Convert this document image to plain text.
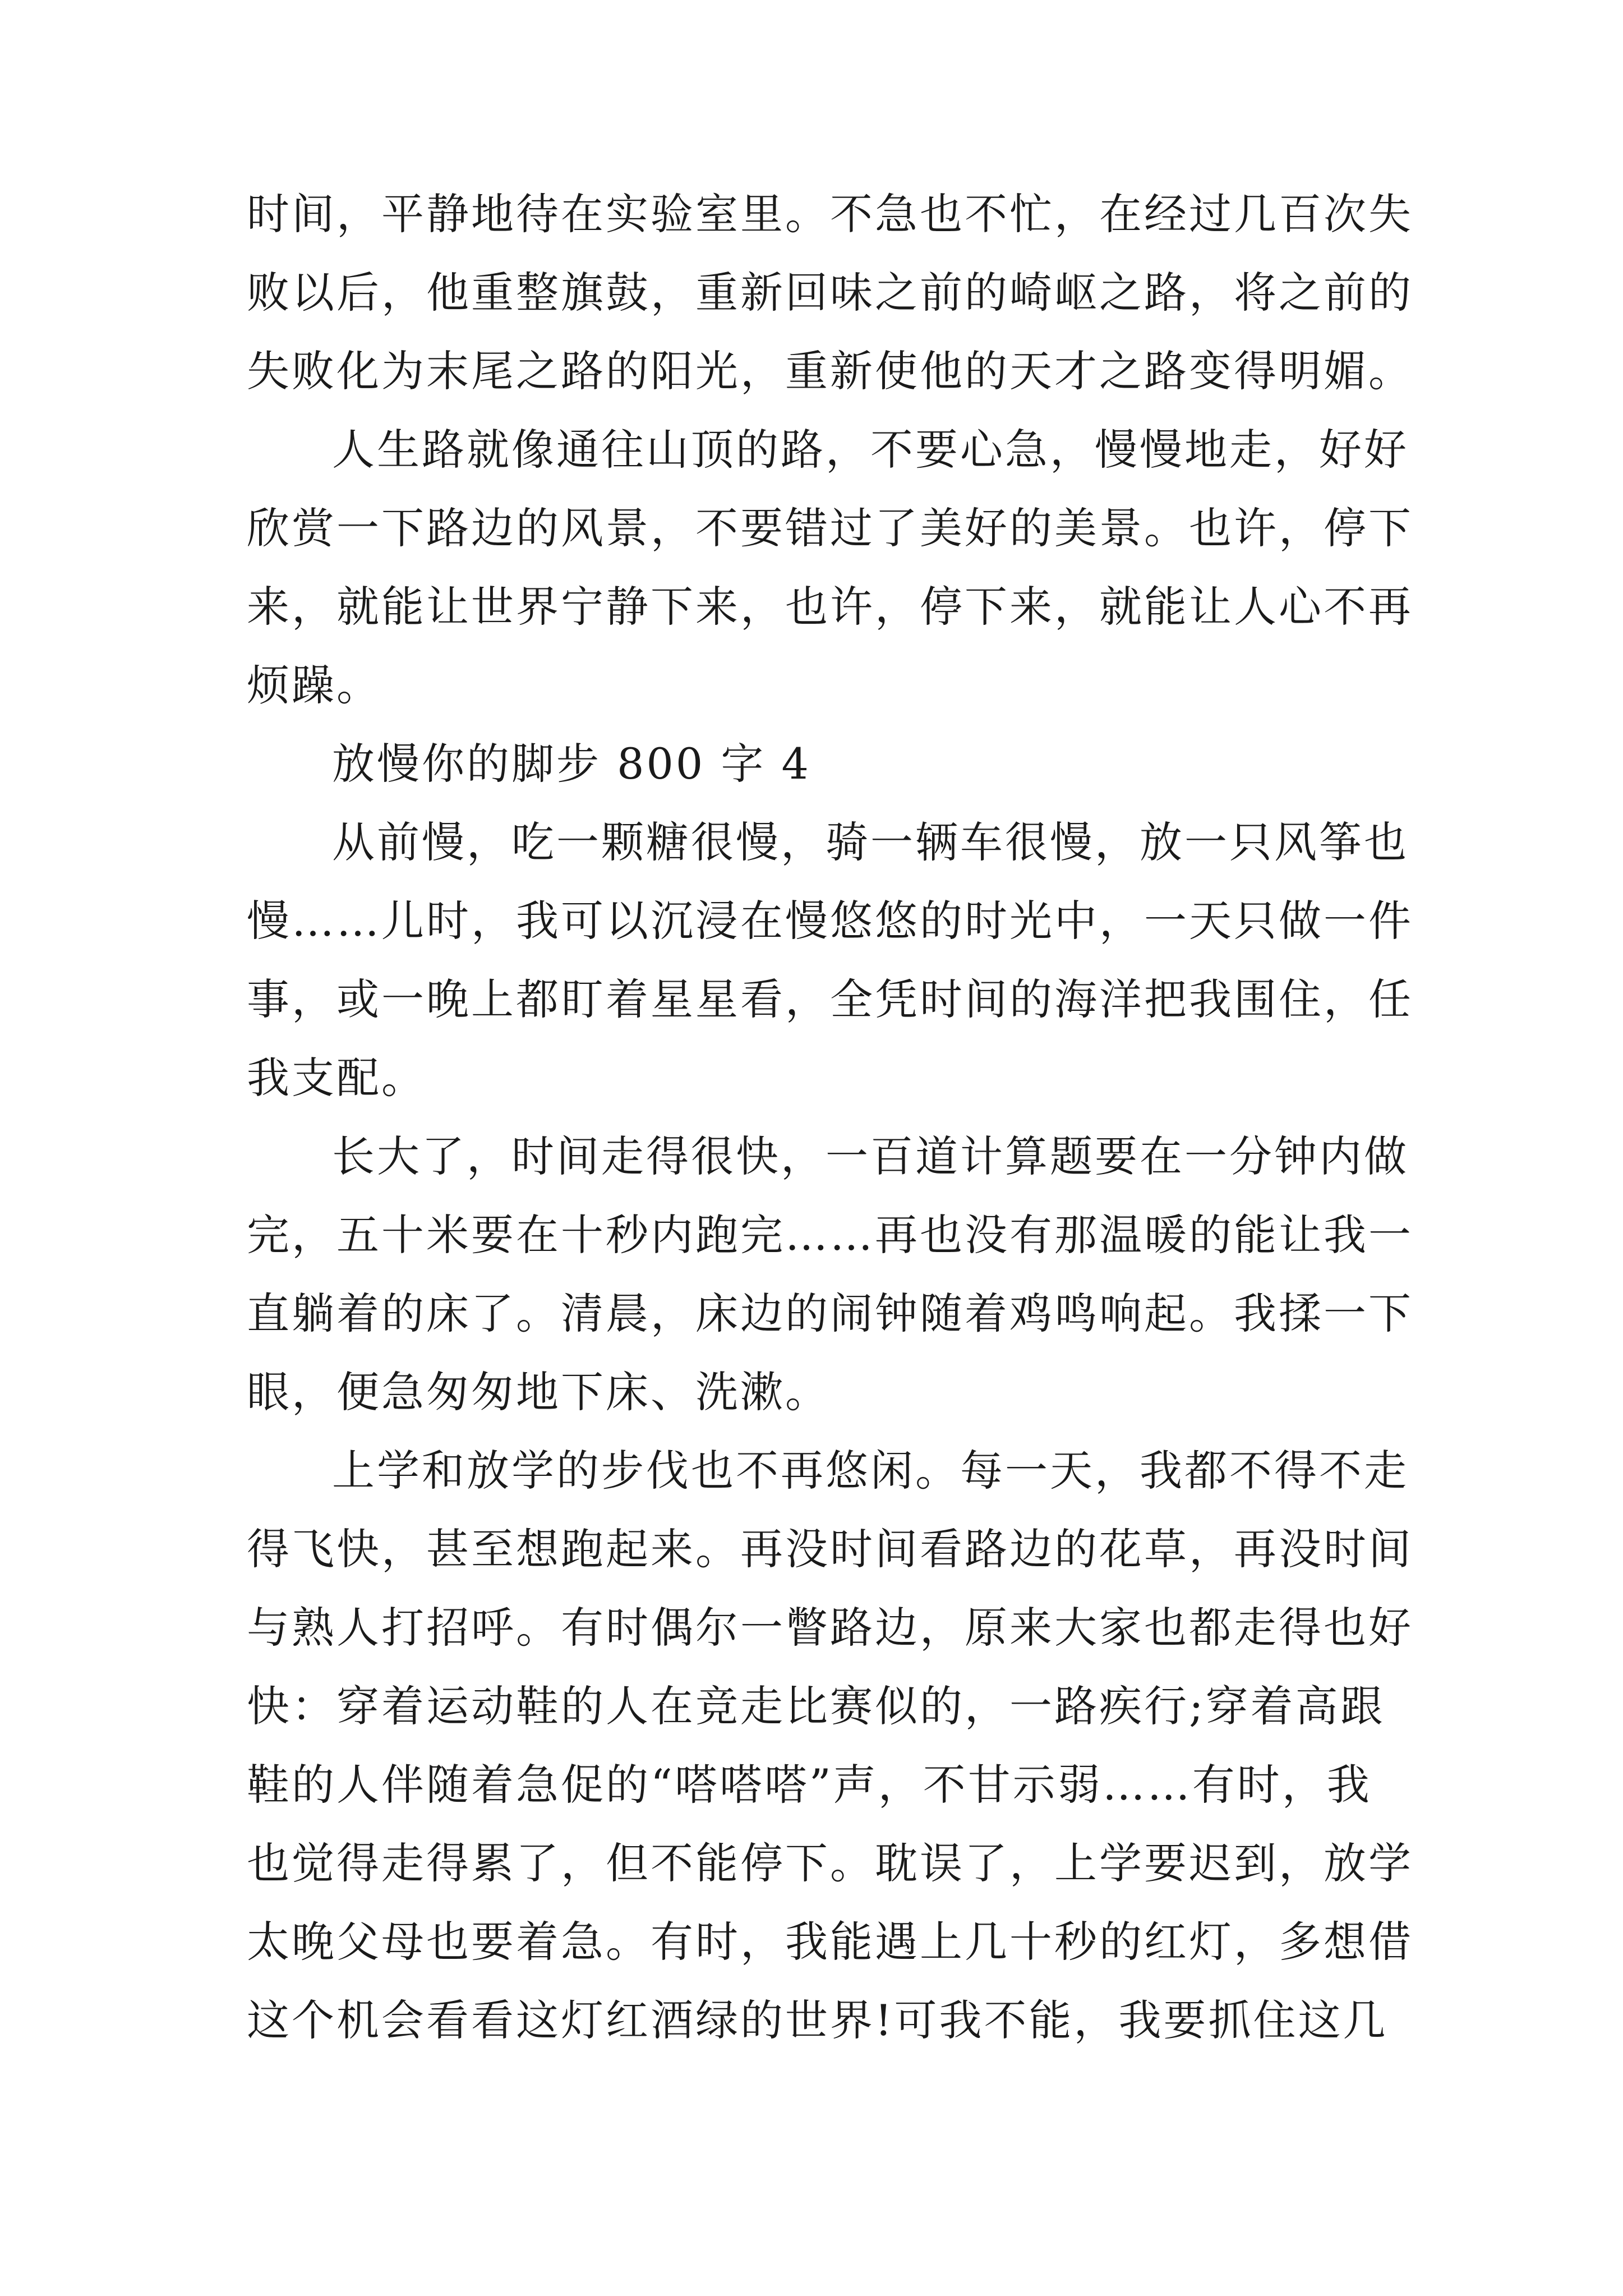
时间，平静地待在实验室里。不急也不忙，在经过几百次失
败以后，他重整旗鼓，重新回味之前的崎岖之路，将之前的
失败化为末尾之路的阳光，重新使他的天才之路变得明媚。
人生路就像通往山顶的路，不要心急，慢慢地走，好好
欣赏一下路边的风景，不要错过了美好的美景。也许，停下
来，就能让世界宁静下来，也许，停下来，就能让人心不再
烦躁。
放慢你的脚步 800 字 4
从前慢，吃一颗糖很慢，骑一辆车很慢，放一只风筝也
慢……儿时，我可以沉浸在慢悠悠的时光中，一天只做一件
事，或一晚上都盯着星星看，全凭时间的海洋把我围住，任
我支配。
长大了，时间走得很快，一百道计算题要在一分钟内做
完，五十米要在十秒内跑完……再也没有那温暖的能让我一
直躺着的床了。清晨，床边的闹钟随着鸡鸣响起。我揉一下
眼，便急匆匆地下床、洗漱。
上学和放学的步伐也不再悠闲。每一天，我都不得不走
得飞快，甚至想跑起来。再没时间看路边的花草，再没时间
与熟人打招呼。有时偶尔一瞥路边，原来大家也都走得也好
快：穿着运动鞋的人在竞走比赛似的，一路疾行;穿着高跟
鞋的人伴随着急促的“嗒嗒嗒”声，不甘示弱……有时，我
也觉得走得累了，但不能停下。耽误了，上学要迟到，放学
太晚父母也要着急。有时，我能遇上几十秒的红灯，多想借
这个机会看看这灯红酒绿的世界!可我不能，我要抓住这几
